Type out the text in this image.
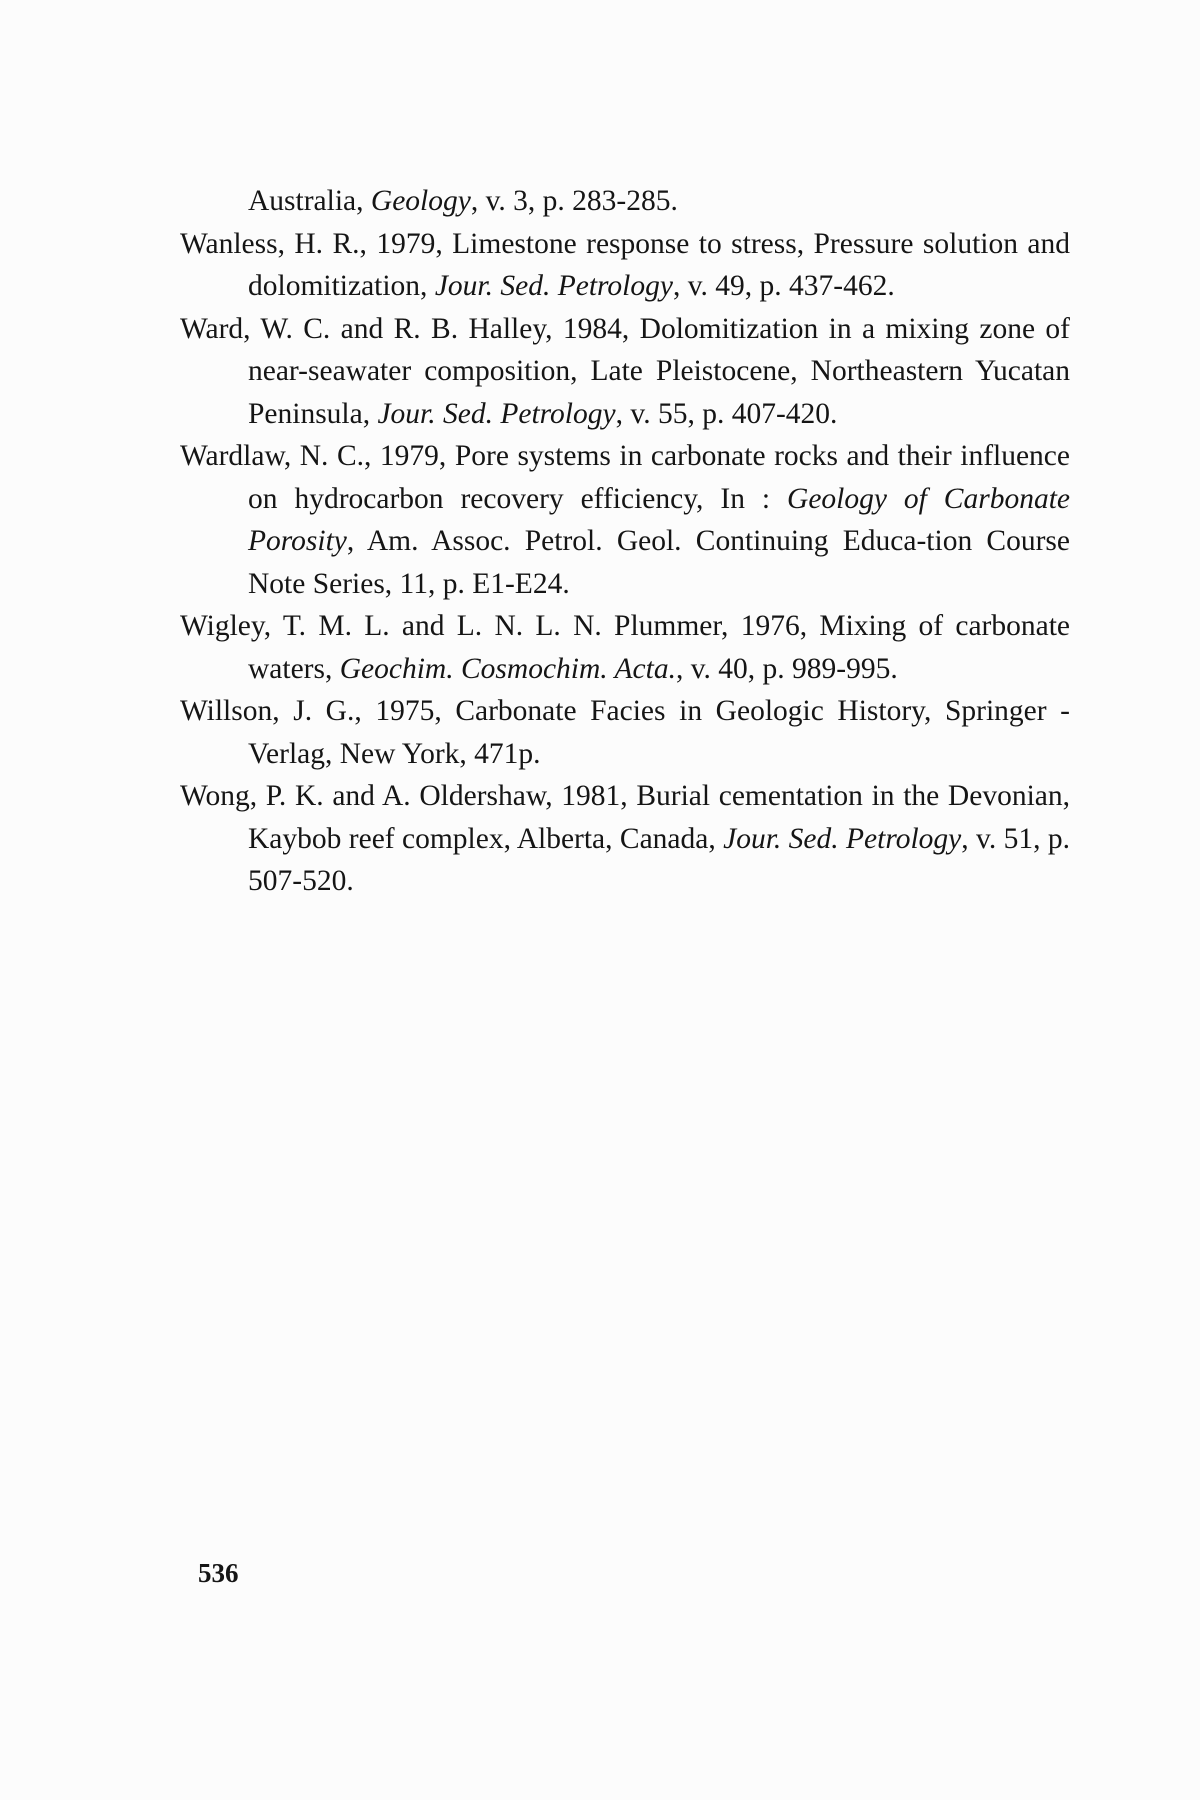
Australia, Geology, v. 3, p. 283-285.

Wanless, H. R., 1979, Limestone response to stress, Pressure solution and dolomitization, Jour. Sed. Petrology, v. 49, p. 437-462.

Ward, W. C. and R. B. Halley, 1984, Dolomitization in a mixing zone of near-seawater composition, Late Pleistocene, Northeastern Yucatan Peninsula, Jour. Sed. Petrology, v. 55, p. 407-420.

Wardlaw, N. C., 1979, Pore systems in carbonate rocks and their influence on hydrocarbon recovery efficiency, In : Geology of Carbonate Porosity, Am. Assoc. Petrol. Geol. Continuing Educa-tion Course Note Series, 11, p. E1-E24.

Wigley, T. M. L. and L. N. L. N. Plummer, 1976, Mixing of carbonate waters, Geochim. Cosmochim. Acta., v. 40, p. 989-995.

Willson, J. G., 1975, Carbonate Facies in Geologic History, Springer -Verlag, New York, 471p.

Wong, P. K. and A. Oldershaw, 1981, Burial cementation in the Devonian, Kaybob reef complex, Alberta, Canada, Jour. Sed. Petrology, v. 51, p. 507-520.

536
